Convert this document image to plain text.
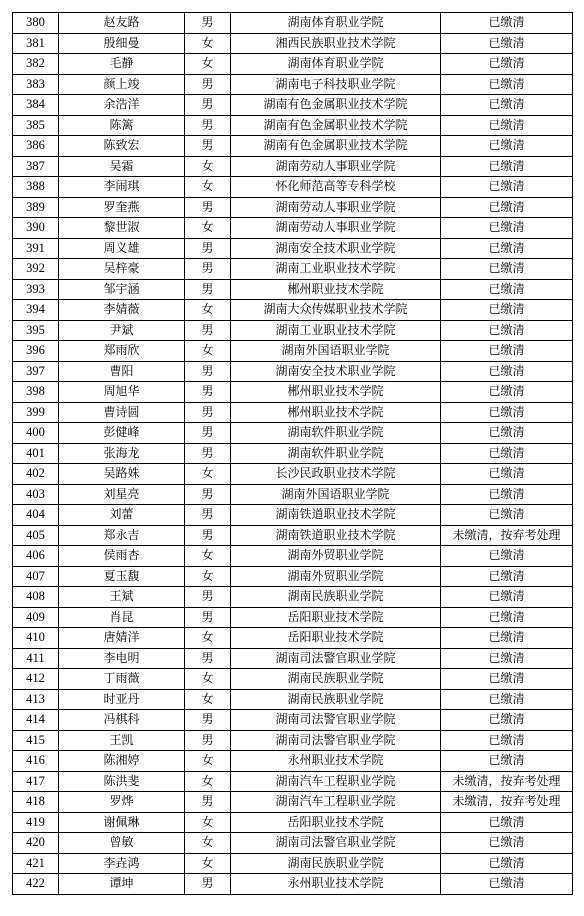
380	赵友路	男	湖南体育职业学院	已缴清
381	殷细曼	女	湘西民族职业技术学院	已缴清
382	毛静	女	湖南体育职业学院	已缴清
383	颜上竣	男	湖南电子科技职业学院	已缴清
384	余浩洋	男	湖南有色金属职业技术学院	已缴清
385	陈篱	男	湖南有色金属职业技术学院	已缴清
386	陈致宏	男	湖南有色金属职业技术学院	已缴清
387	吴霜	女	湖南劳动人事职业学院	已缴清
388	李闹琪	女	怀化师范高等专科学校	已缴清
389	罗奎燕	男	湖南劳动人事职业学院	已缴清
390	黎世淑	女	湖南劳动人事职业学院	已缴清
391	周义雄	男	湖南安全技术职业学院	已缴清
392	吴梓豪	男	湖南工业职业技术学院	已缴清
393	邹宇涵	男	郴州职业技术学院	已缴清
394	李婧薇	女	湖南大众传媒职业技术学院	已缴清
395	尹斌	男	湖南工业职业技术学院	已缴清
396	郑雨欣	女	湖南外国语职业学院	已缴清
397	曹阳	男	湖南安全技术职业学院	已缴清
398	周旭华	男	郴州职业技术学院	已缴清
399	曹诗圆	男	郴州职业技术学院	已缴清
400	彭健峰	男	湖南软件职业学院	已缴清
401	张海龙	男	湖南软件职业学院	已缴清
402	吴路姝	女	长沙民政职业技术学院	已缴清
403	刘星亮	男	湖南外国语职业学院	已缴清
404	刘蕾	男	湖南铁道职业技术学院	已缴清
405	郑永吉	男	湖南铁道职业技术学院	未缴清，按弃考处理
406	侯雨杏	女	湖南外贸职业学院	已缴清
407	夏玉馥	女	湖南外贸职业学院	已缴清
408	王斌	男	湖南民族职业学院	已缴清
409	肖昆	男	岳阳职业技术学院	已缴清
410	唐婧洋	女	岳阳职业技术学院	已缴清
411	李电明	男	湖南司法警官职业学院	已缴清
412	丁雨薇	女	湖南民族职业学院	已缴清
413	时亚丹	女	湖南民族职业学院	已缴清
414	冯棋科	男	湖南司法警官职业学院	已缴清
415	王凯	男	湖南司法警官职业学院	已缴清
416	陈湘婷	女	永州职业技术学院	已缴清
417	陈洪斐	女	湖南汽车工程职业学院	未缴清，按弃考处理
418	罗烨	男	湖南汽车工程职业学院	未缴清，按弃考处理
419	谢佩琳	女	岳阳职业技术学院	已缴清
420	曾敏	女	湖南司法警官职业学院	已缴清
421	李垚鸿	女	湖南民族职业学院	已缴清
422	谭坤	男	永州职业技术学院	已缴清
